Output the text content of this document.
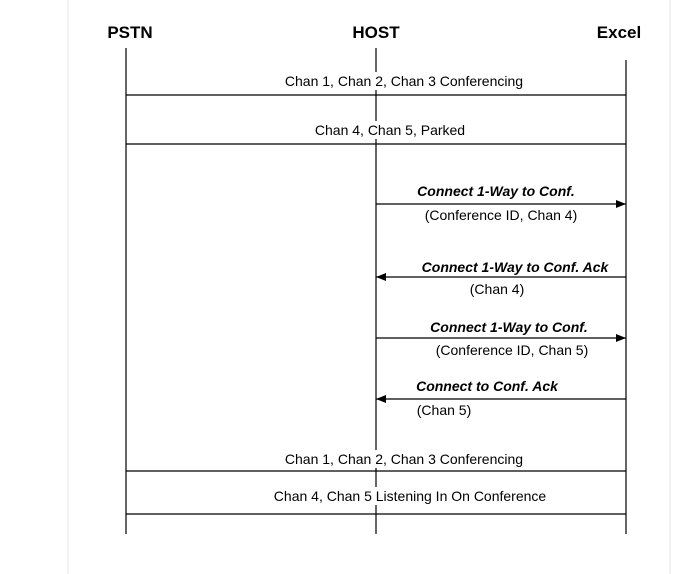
PSTN	HOST	Excel
Chan 1, Chan 2, Chan 3 Conferencing
Chan 4, Chan 5, Parked
Connect 1-Way to Conf.
(Conference ID, Chan 4)
Connect 1-Way to Conf. Ack
(Chan 4)
Connect 1-Way to Conf.
(Conference ID, Chan 5)
Connect to Conf. Ack
(Chan 5)
Chan 1, Chan 2, Chan 3 Conferencing
Chan 4, Chan 5 Listening In On Conference
